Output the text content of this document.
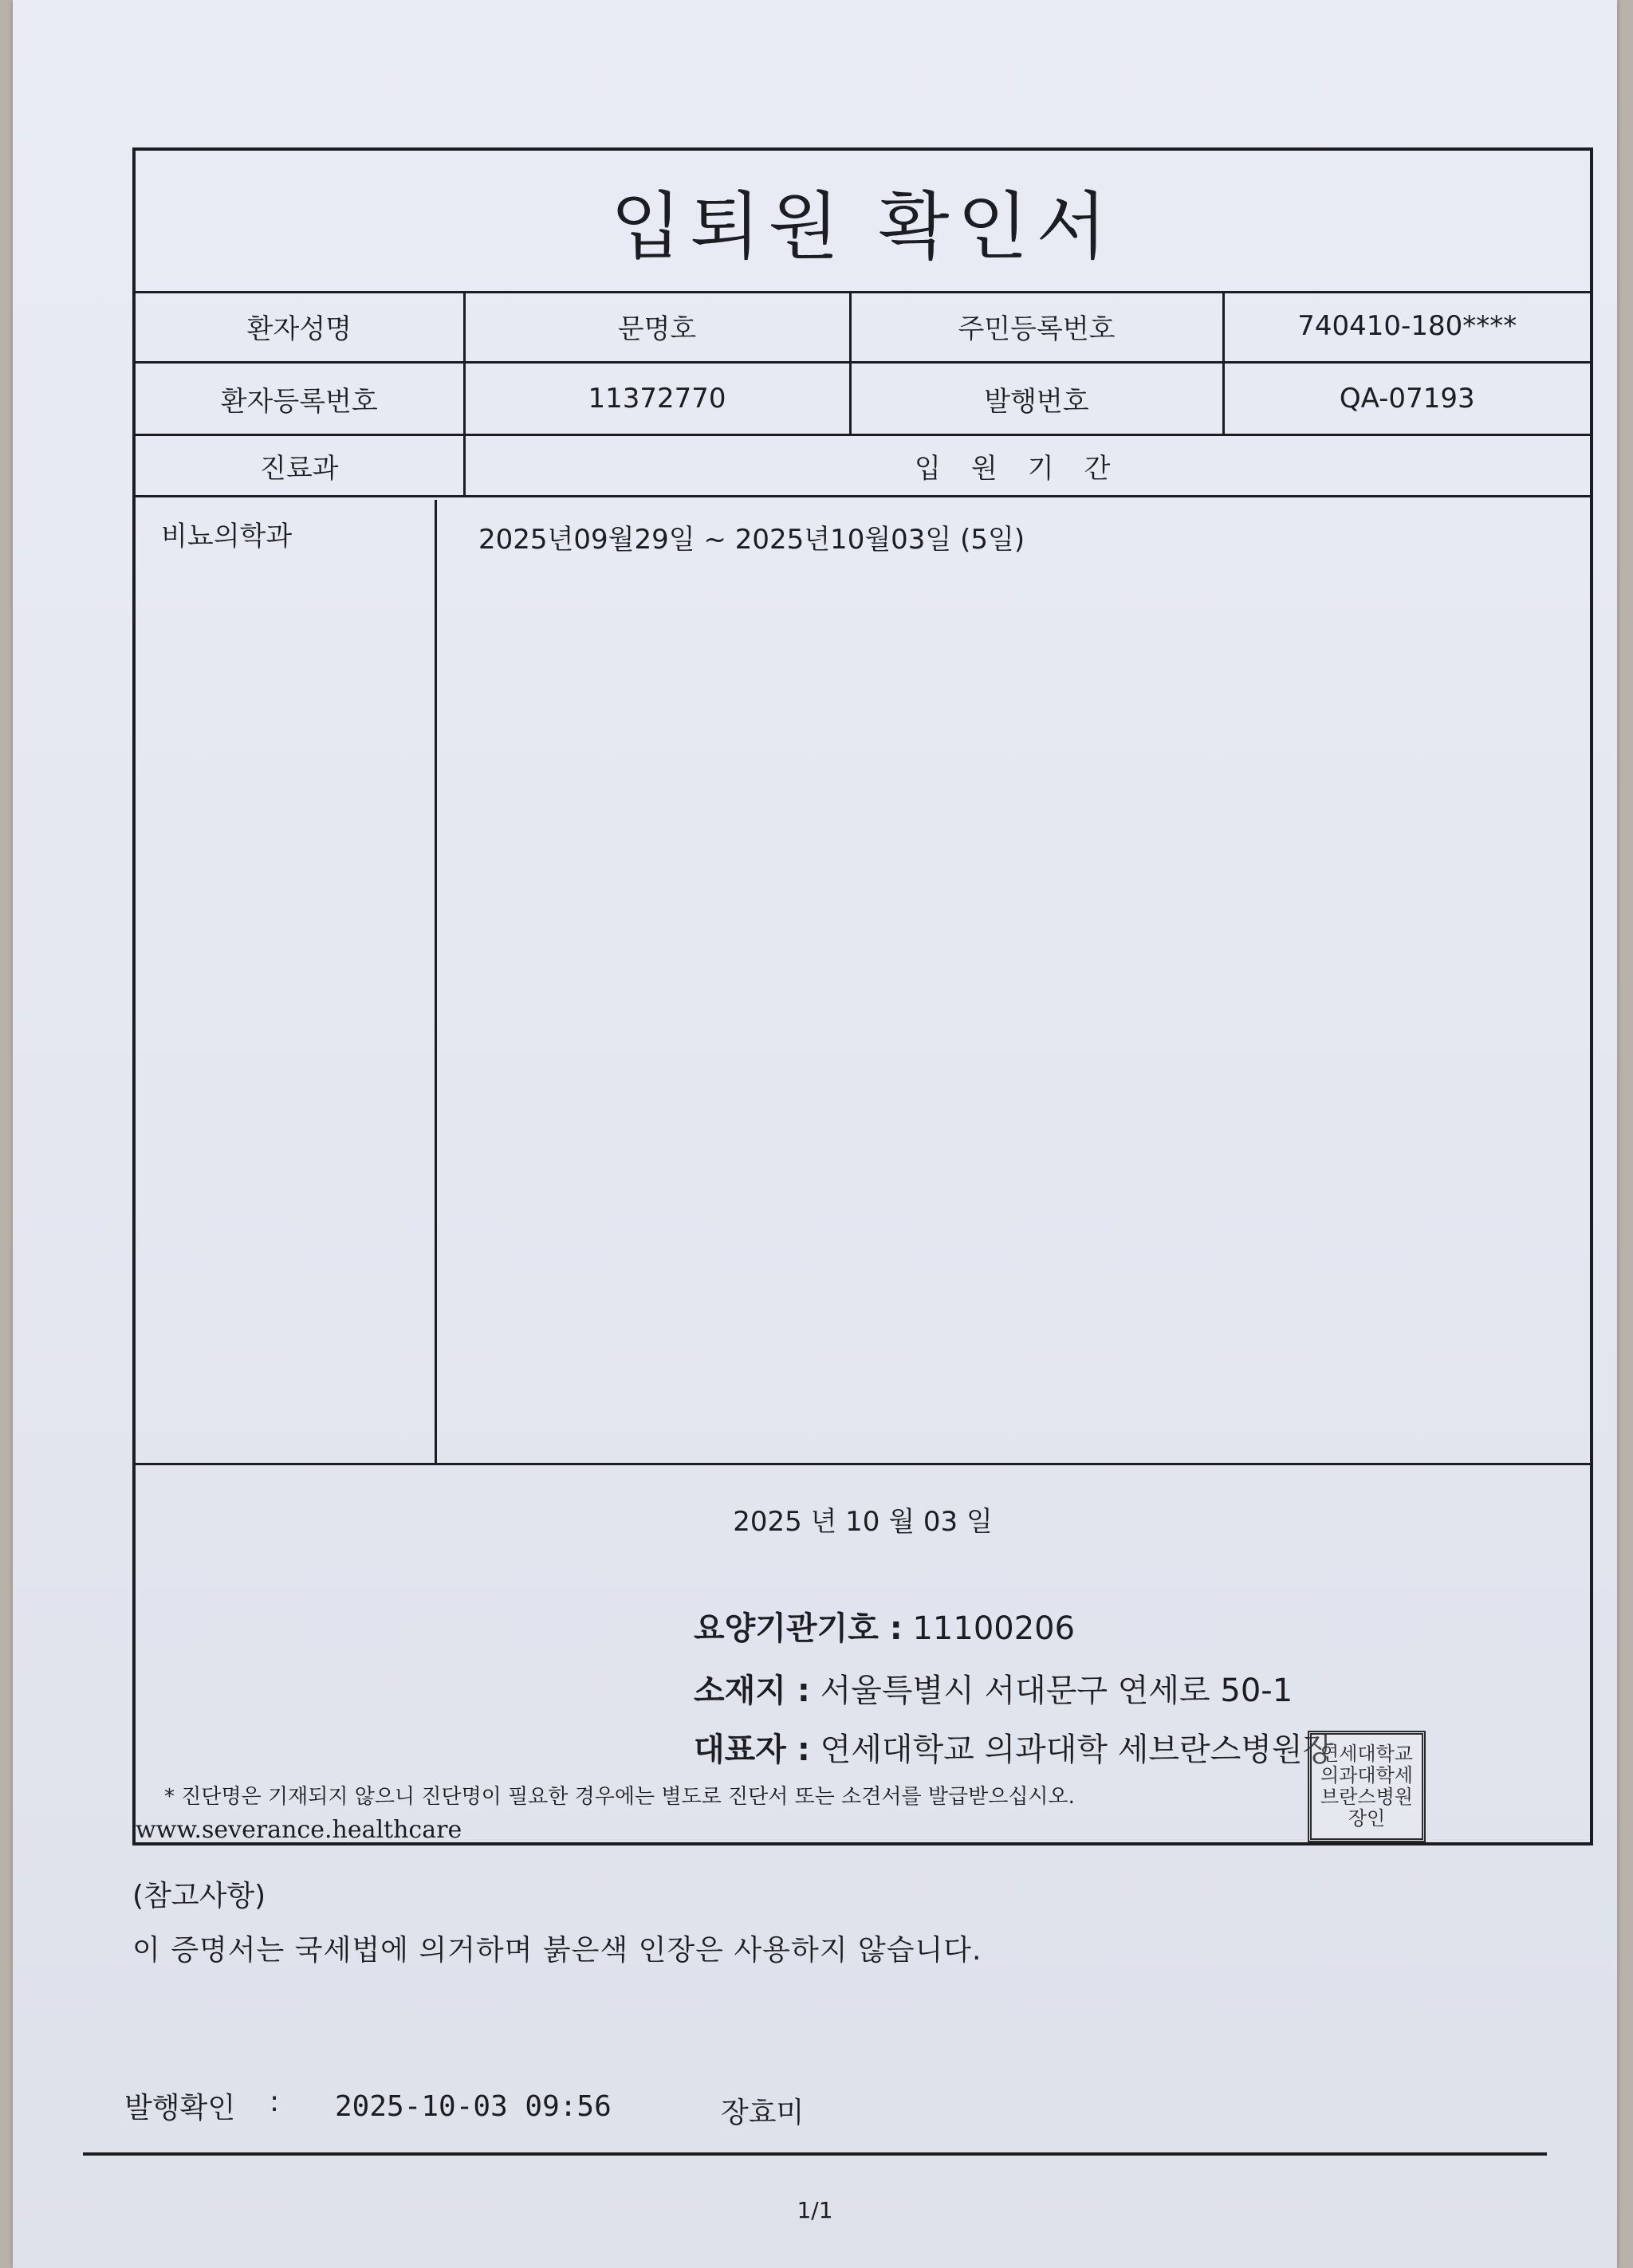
입퇴원 확인서
환자성명	문명호	주민등록번호	740410-180****
환자등록번호	11372770	발행번호	QA-07193
진료과	입원기간		
비뇨의학과	2025년09월29일 ~ 2025년10월03일 (5일)
2025 년 10 월 03 일
요양기관기호 : 11100206
소재지 : 서울특별시 서대문구 연세로 50-1
대표자 : 연세대학교 의과대학 세브란스병원장
연세대학교의과대학세브란스병원장인
* 진단명은 기재되지 않으니 진단명이 필요한 경우에는 별도로 진단서 또는 소견서를 발급받으십시오.
www.severance.healthcare
(참고사항)
이 증명서는 국세법에 의거하며 붉은색 인장은 사용하지 않습니다.
발행확인 : 2025-10-03 09:56	장효미
1/1
